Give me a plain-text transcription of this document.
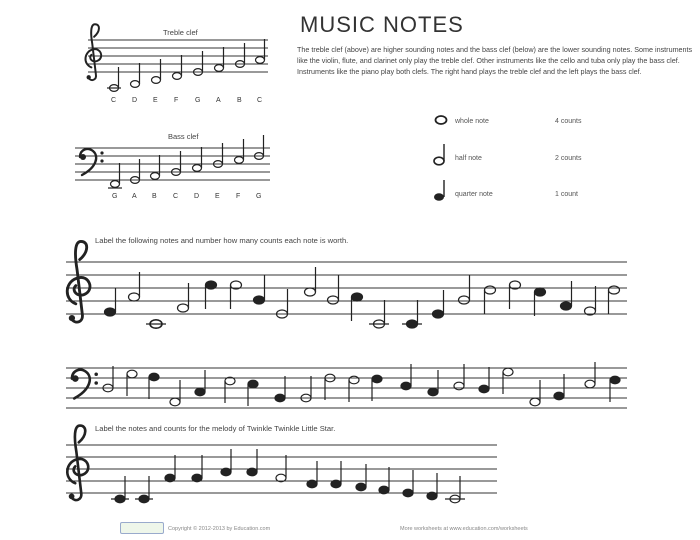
MUSIC NOTES
The treble clef (above) are higher sounding notes and the bass clef (below) are the lower sounding notes. Some instruments like the violin, flute, and clarinet only play the treble clef. Other instruments like the cello and tuba only play the bass clef. Instruments like the piano play both clefs. The right hand plays the treble clef and the left plays the bass clef.
Treble clef
Bass clef
Label the following notes and number how many counts each note is worth.
Label the notes and counts for the melody of Twinkle Twinkle Little Star.
whole note	4 counts
half note	2 counts
quarter note	1 count
Copyright © 2012-2013 by Education.com	More worksheets at www.education.com/worksheets
C D E F G A B C
G A B C D E F G
